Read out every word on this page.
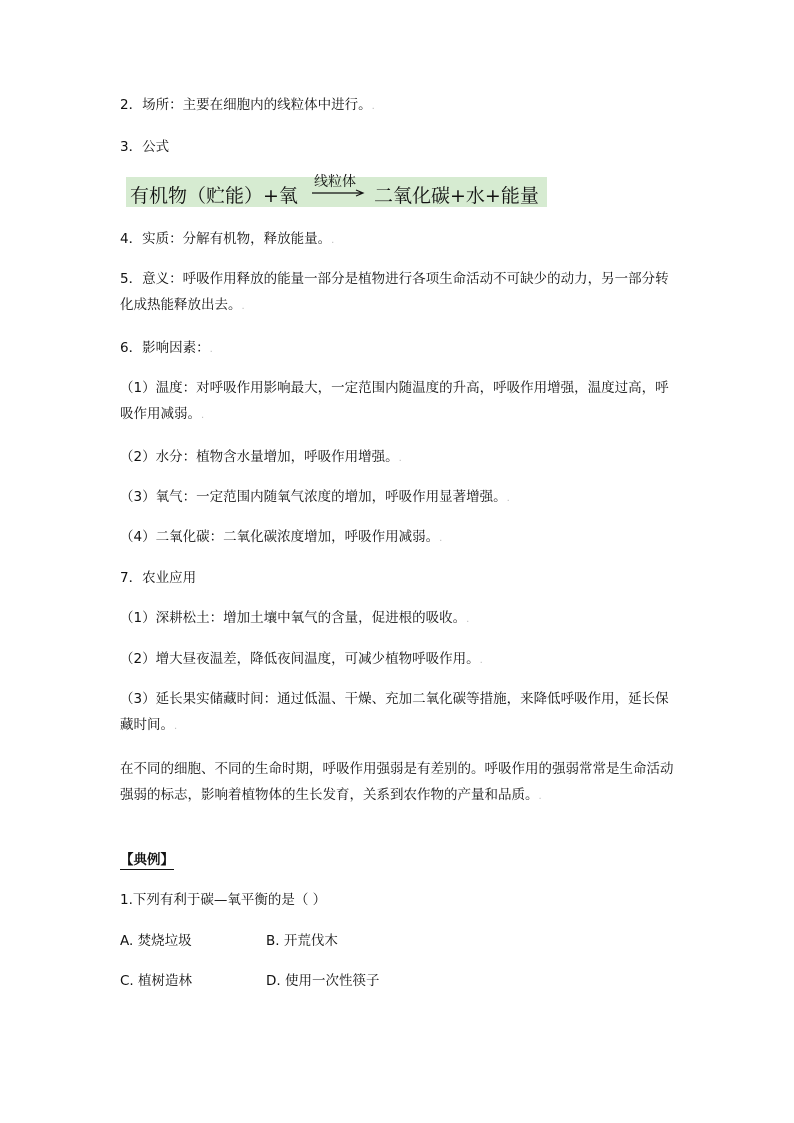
2．场所：主要在细胞内的线粒体中进行。.
3．公式
有机物（贮能）+氧
线粒体
→ 二氧化碳+水+能量
4．实质：分解有机物，释放能量。.
5．意义：呼吸作用释放的能量一部分是植物进行各项生命活动不可缺少的动力，另一部分转化成热能释放出去。.
6．影响因素：.
（1）温度：对呼吸作用影响最大，一定范围内随温度的升高，呼吸作用增强，温度过高，呼吸作用减弱。.
（2）水分：植物含水量增加，呼吸作用增强。.
（3）氧气：一定范围内随氧气浓度的增加，呼吸作用显著增强。.
（4）二氧化碳：二氧化碳浓度增加，呼吸作用减弱。.
7．农业应用
（1）深耕松土：增加土壤中氧气的含量，促进根的吸收。.
（2）增大昼夜温差，降低夜间温度，可减少植物呼吸作用。.
（3）延长果实储藏时间：通过低温、干燥、充加二氧化碳等措施，来降低呼吸作用，延长保藏时间。.
在不同的细胞、不同的生命时期，呼吸作用强弱是有差别的。呼吸作用的强弱常常是生命活动强弱的标志，影响着植物体的生长发育，关系到农作物的产量和品质。.
【典例】
1.下列有利于碳—氧平衡的是（ ）
A. 焚烧垃圾	B. 开荒伐木
C. 植树造林	D. 使用一次性筷子
